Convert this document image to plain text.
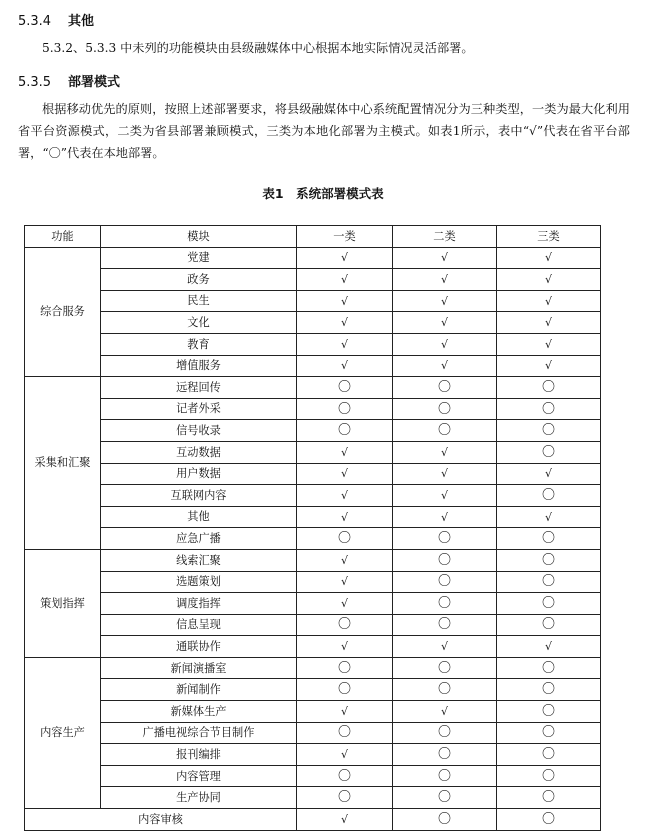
5.3.4 其他
5.3.2、5.3.3 中未列的功能模块由县级融媒体中心根据本地实际情况灵活部署。
5.3.5 部署模式
根据移动优先的原则，按照上述部署要求，将县级融媒体中心系统配置情况分为三种类型，一类为最大化利用省平台资源模式，二类为省县部署兼顾模式，三类为本地化部署为主模式。如表1所示，表中“√”代表在省平台部署，“〇”代表在本地部署。
表1　系统部署模式表
功能	模块	一类	二类	三类
综合服务	党建	√	√	√
	政务	√	√	√
	民生	√	√	√
	文化	√	√	√
	教育	√	√	√
	增值服务	√	√	√
采集和汇聚	远程回传	〇	〇	〇
	记者外采	〇	〇	〇
	信号收录	〇	〇	〇
	互动数据	√	√	〇
	用户数据	√	√	√
	互联网内容	√	√	〇
	其他	√	√	√
	应急广播	〇	〇	〇
策划指挥	线索汇聚	√	〇	〇
	选题策划	√	〇	〇
	调度指挥	√	〇	〇
	信息呈现	〇	〇	〇
	通联协作	√	√	√
内容生产	新闻演播室	〇	〇	〇
	新闻制作	〇	〇	〇
	新媒体生产	√	√	〇
	广播电视综合节目制作	〇	〇	〇
	报刊编排	√	〇	〇
	内容管理	〇	〇	〇
	生产协同	〇	〇	〇
内容审核		√	〇	〇
